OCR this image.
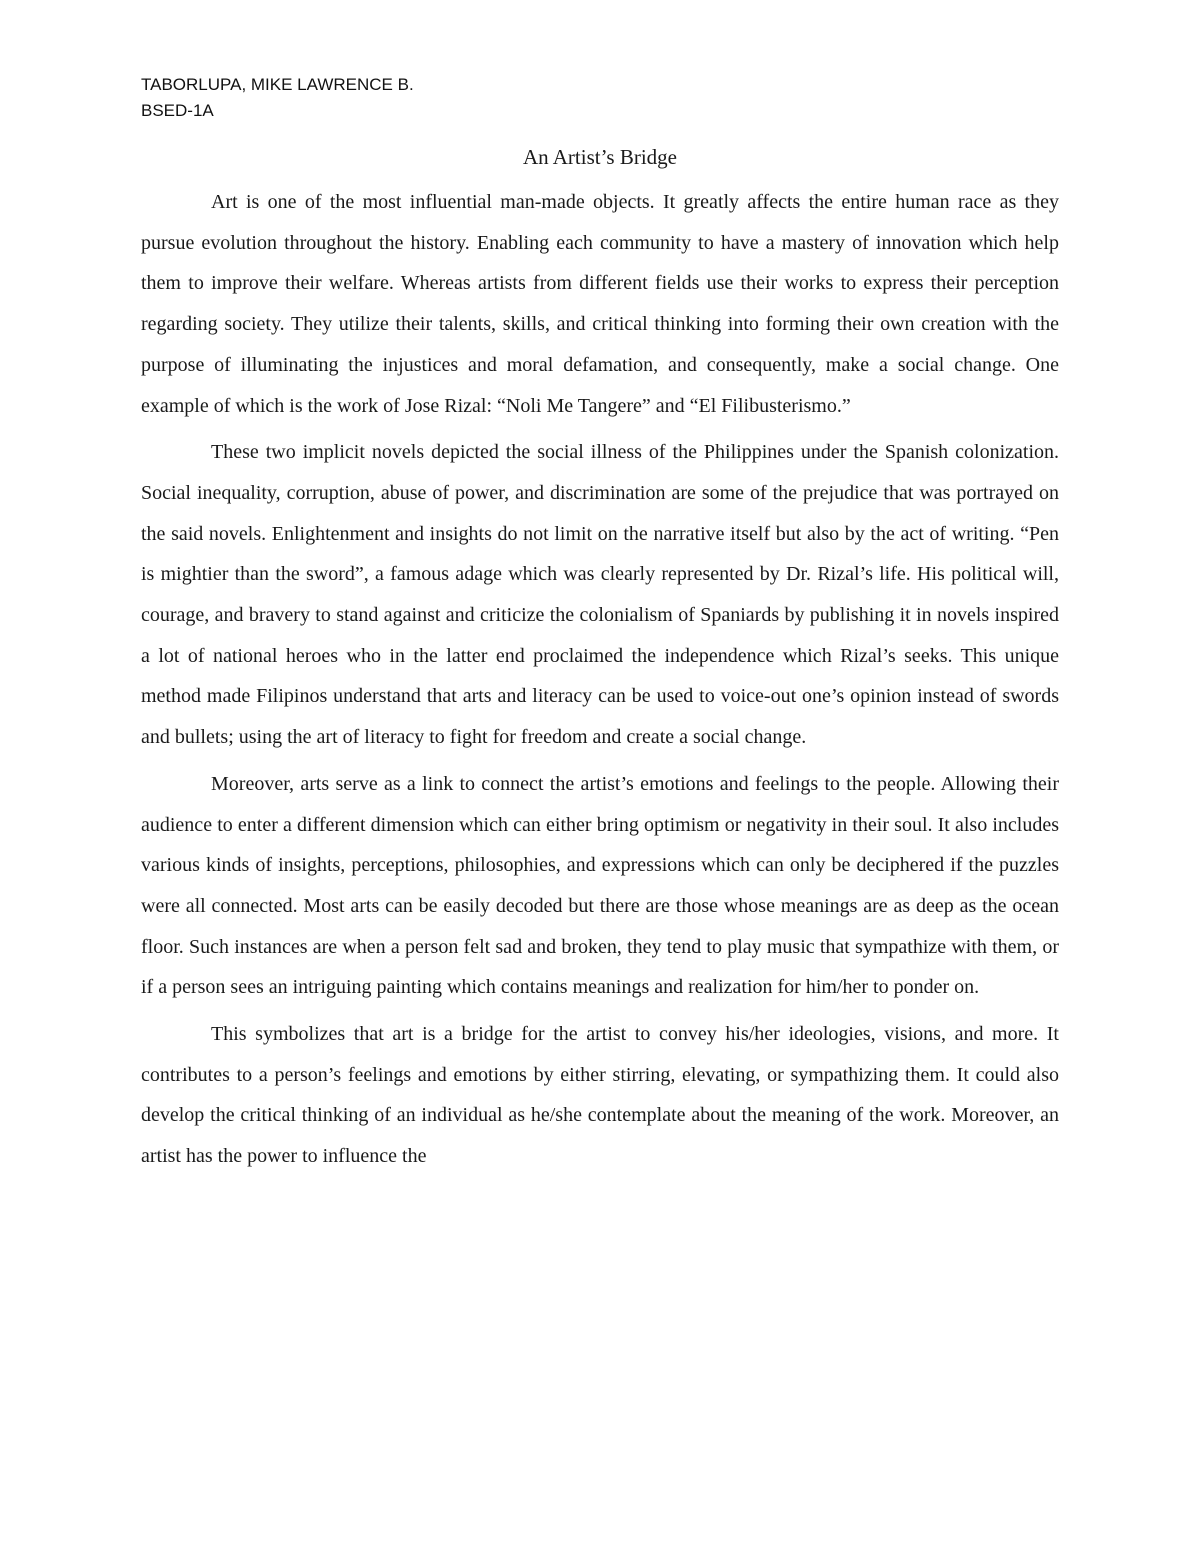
TABORLUPA, MIKE LAWRENCE B.
BSED-1A
An Artist’s Bridge

Art is one of the most influential man-made objects. It greatly affects the entire human race as they pursue evolution throughout the history. Enabling each community to have a mastery of innovation which help them to improve their welfare. Whereas artists from different fields use their works to express their perception regarding society. They utilize their talents, skills, and critical thinking into forming their own creation with the purpose of illuminating the injustices and moral defamation, and consequently, make a social change. One example of which is the work of Jose Rizal: “Noli Me Tangere” and “El Filibusterismo.”

These two implicit novels depicted the social illness of the Philippines under the Spanish colonization. Social inequality, corruption, abuse of power, and discrimination are some of the prejudice that was portrayed on the said novels. Enlightenment and insights do not limit on the narrative itself but also by the act of writing. “Pen is mightier than the sword”, a famous adage which was clearly represented by Dr. Rizal’s life. His political will, courage, and bravery to stand against and criticize the colonialism of Spaniards by publishing it in novels inspired a lot of national heroes who in the latter end proclaimed the independence which Rizal’s seeks. This unique method made Filipinos understand that arts and literacy can be used to voice-out one’s opinion instead of swords and bullets; using the art of literacy to fight for freedom and create a social change.

Moreover, arts serve as a link to connect the artist’s emotions and feelings to the people. Allowing their audience to enter a different dimension which can either bring optimism or negativity in their soul. It also includes various kinds of insights, perceptions, philosophies, and expressions which can only be deciphered if the puzzles were all connected. Most arts can be easily decoded but there are those whose meanings are as deep as the ocean floor. Such instances are when a person felt sad and broken, they tend to play music that sympathize with them, or if a person sees an intriguing painting which contains meanings and realization for him/her to ponder on.

This symbolizes that art is a bridge for the artist to convey his/her ideologies, visions, and more. It contributes to a person’s feelings and emotions by either stirring, elevating, or sympathizing them. It could also develop the critical thinking of an individual as he/she contemplate about the meaning of the work. Moreover, an artist has the power to influence the
